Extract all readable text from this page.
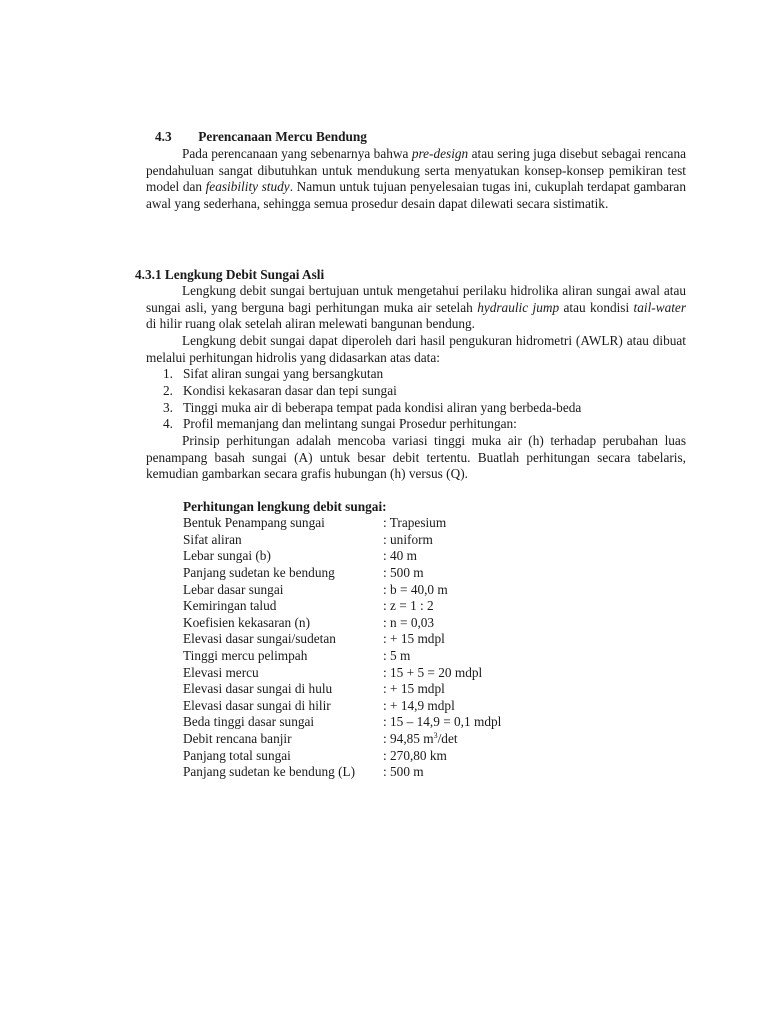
4.3 Perencanaan Mercu Bendung

Pada perencanaan yang sebenarnya bahwa pre-design atau sering juga disebut sebagai rencana pendahuluan sangat dibutuhkan untuk mendukung serta menyatukan konsep-konsep pemikiran test model dan feasibility study. Namun untuk tujuan penyelesaian tugas ini, cukuplah terdapat gambaran awal yang sederhana, sehingga semua prosedur desain dapat dilewati secara sistimatik.

4.3.1 Lengkung Debit Sungai Asli

Lengkung debit sungai bertujuan untuk mengetahui perilaku hidrolika aliran sungai awal atau sungai asli, yang berguna bagi perhitungan muka air setelah hydraulic jump atau kondisi tail-water di hilir ruang olak setelah aliran melewati bangunan bendung.

Lengkung debit sungai dapat diperoleh dari hasil pengukuran hidrometri (AWLR) atau dibuat melalui perhitungan hidrolis yang didasarkan atas data:

1. Sifat aliran sungai yang bersangkutan
2. Kondisi kekasaran dasar dan tepi sungai
3. Tinggi muka air di beberapa tempat pada kondisi aliran yang berbeda-beda
4. Profil memanjang dan melintang sungai Prosedur perhitungan:

Prinsip perhitungan adalah mencoba variasi tinggi muka air (h) terhadap perubahan luas penampang basah sungai (A) untuk besar debit tertentu. Buatlah perhitungan secara tabelaris, kemudian gambarkan secara grafis hubungan (h) versus (Q).

Perhitungan lengkung debit sungai:
Bentuk Penampang sungai	: Trapesium
Sifat aliran	: uniform
Lebar sungai (b)	: 40 m
Panjang sudetan ke bendung	: 500 m
Lebar dasar sungai	: b = 40,0 m
Kemiringan talud	: z = 1 : 2
Koefisien kekasaran (n)	: n = 0,03
Elevasi dasar sungai/sudetan	: + 15 mdpl
Tinggi mercu pelimpah	: 5 m
Elevasi mercu	: 15 + 5 = 20 mdpl
Elevasi dasar sungai di hulu	: + 15 mdpl
Elevasi dasar sungai di hilir	: + 14,9 mdpl
Beda tinggi dasar sungai	: 15 – 14,9 = 0,1 mdpl
Debit rencana banjir	: 94,85 $m^3/\det$
Panjang total sungai	: 270,80 km
Panjang sudetan ke bendung (L) : 500 m
